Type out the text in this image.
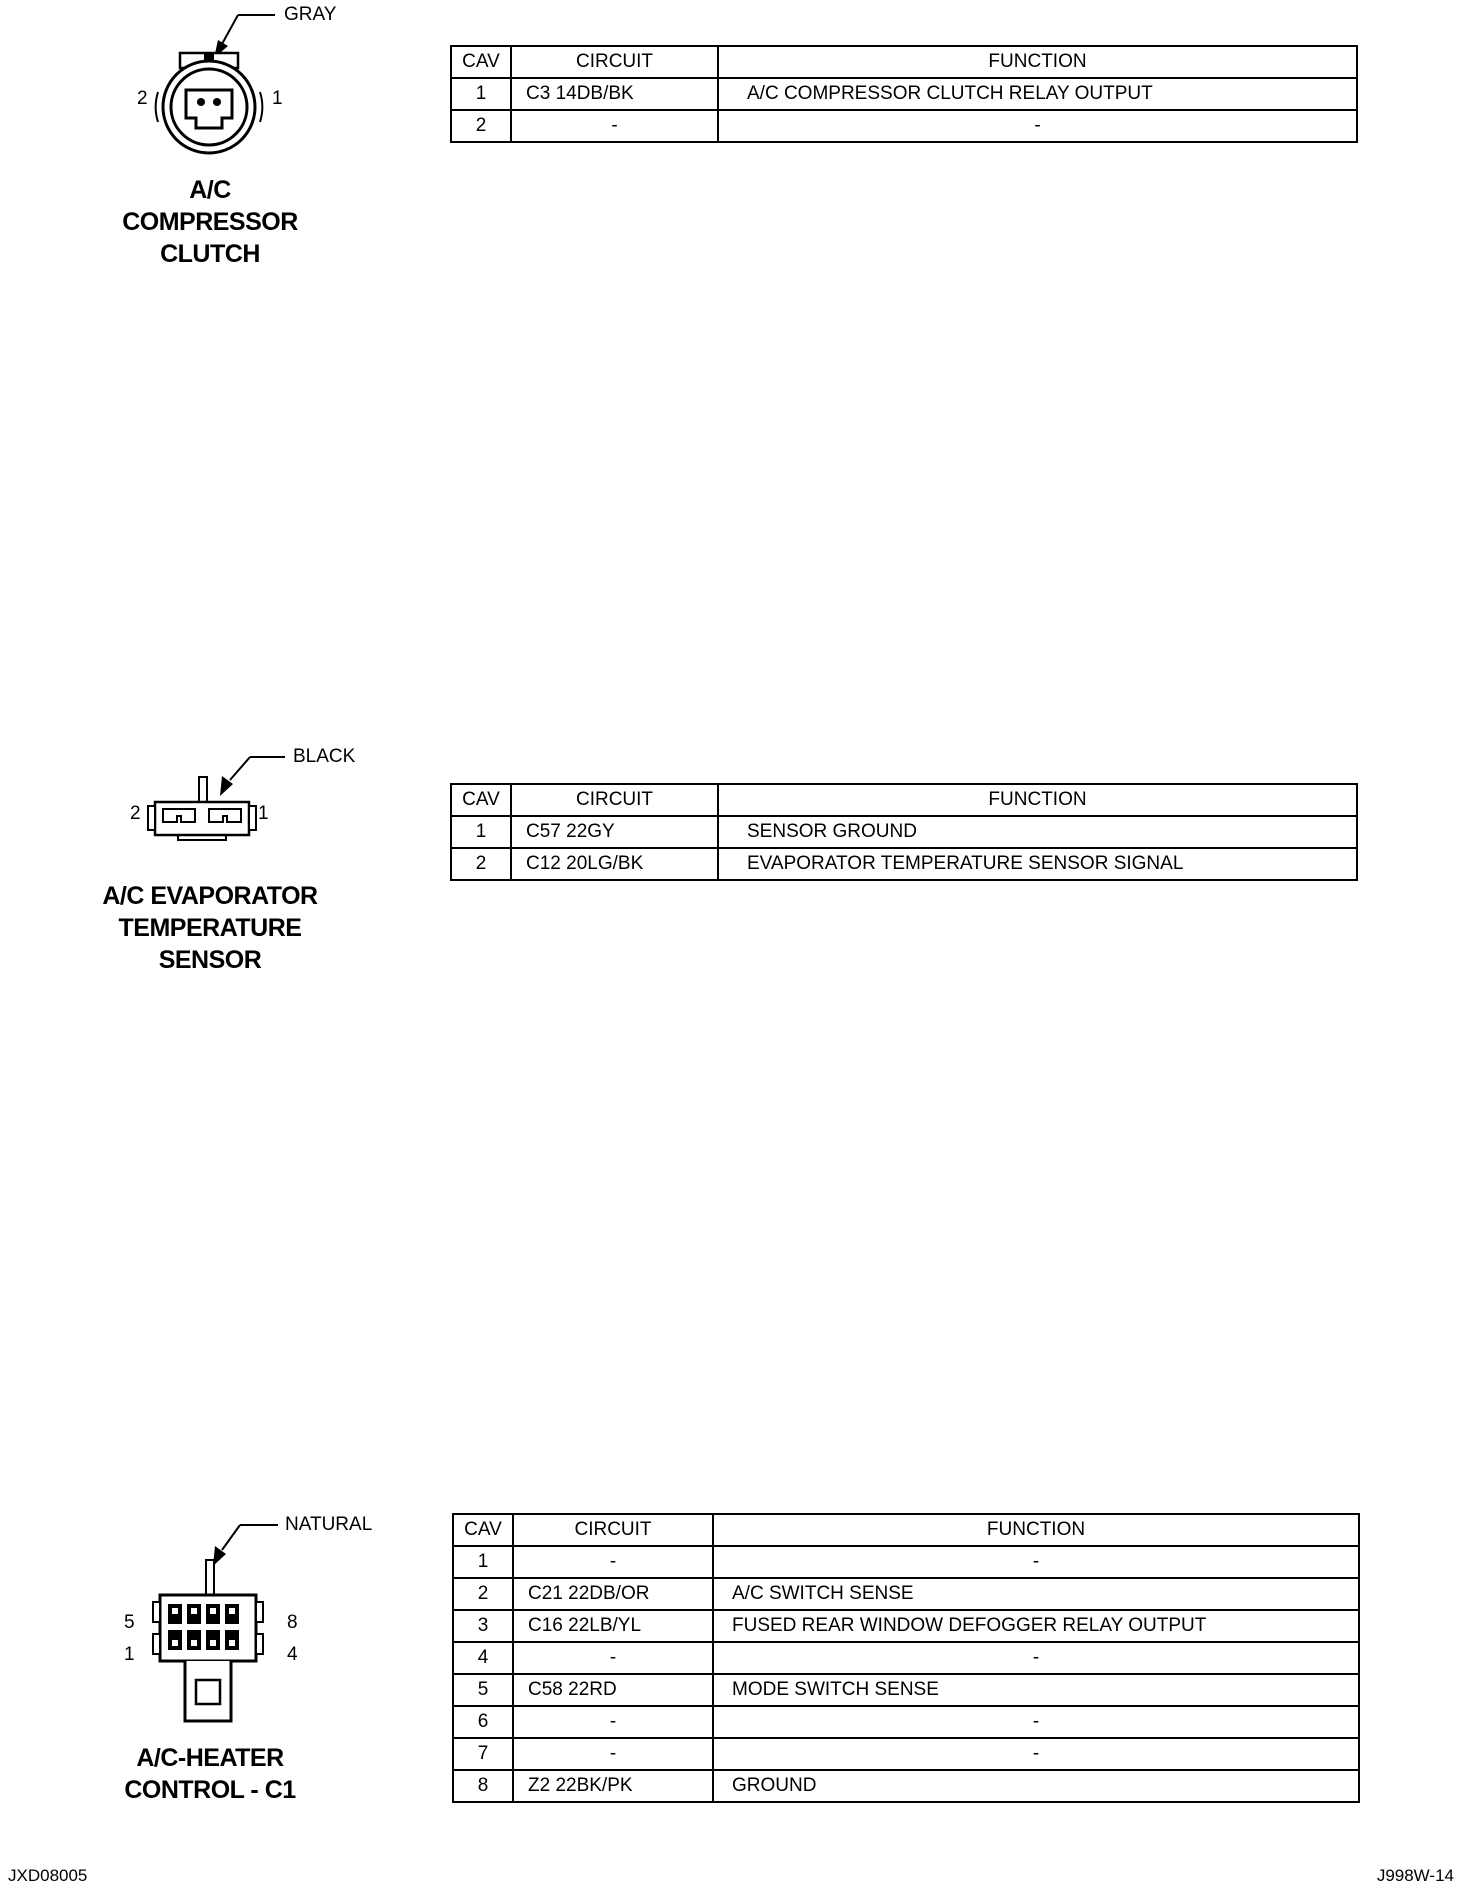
GRAY
2	1
A/C
COMPRESSOR
CLUTCH
CAV	CIRCUIT	FUNCTION
1	C3 14DB/BK	A/C COMPRESSOR CLUTCH RELAY OUTPUT
2	-	-
BLACK
2	1
A/C EVAPORATOR
TEMPERATURE
SENSOR
CAV	CIRCUIT	FUNCTION
1	C57 22GY	SENSOR GROUND
2	C12 20LG/BK	EVAPORATOR TEMPERATURE SENSOR SIGNAL
NATURAL
5	8
1	4
A/C-HEATER
CONTROL - C1
CAV	CIRCUIT	FUNCTION
1	-	-
2	C21 22DB/OR	A/C SWITCH SENSE
3	C16 22LB/YL	FUSED REAR WINDOW DEFOGGER RELAY OUTPUT
4	-	-
5	C58 22RD	MODE SWITCH SENSE
6	-	-
7	-	-
8	Z2 22BK/PK	GROUND
JXD08005	J998W-14
